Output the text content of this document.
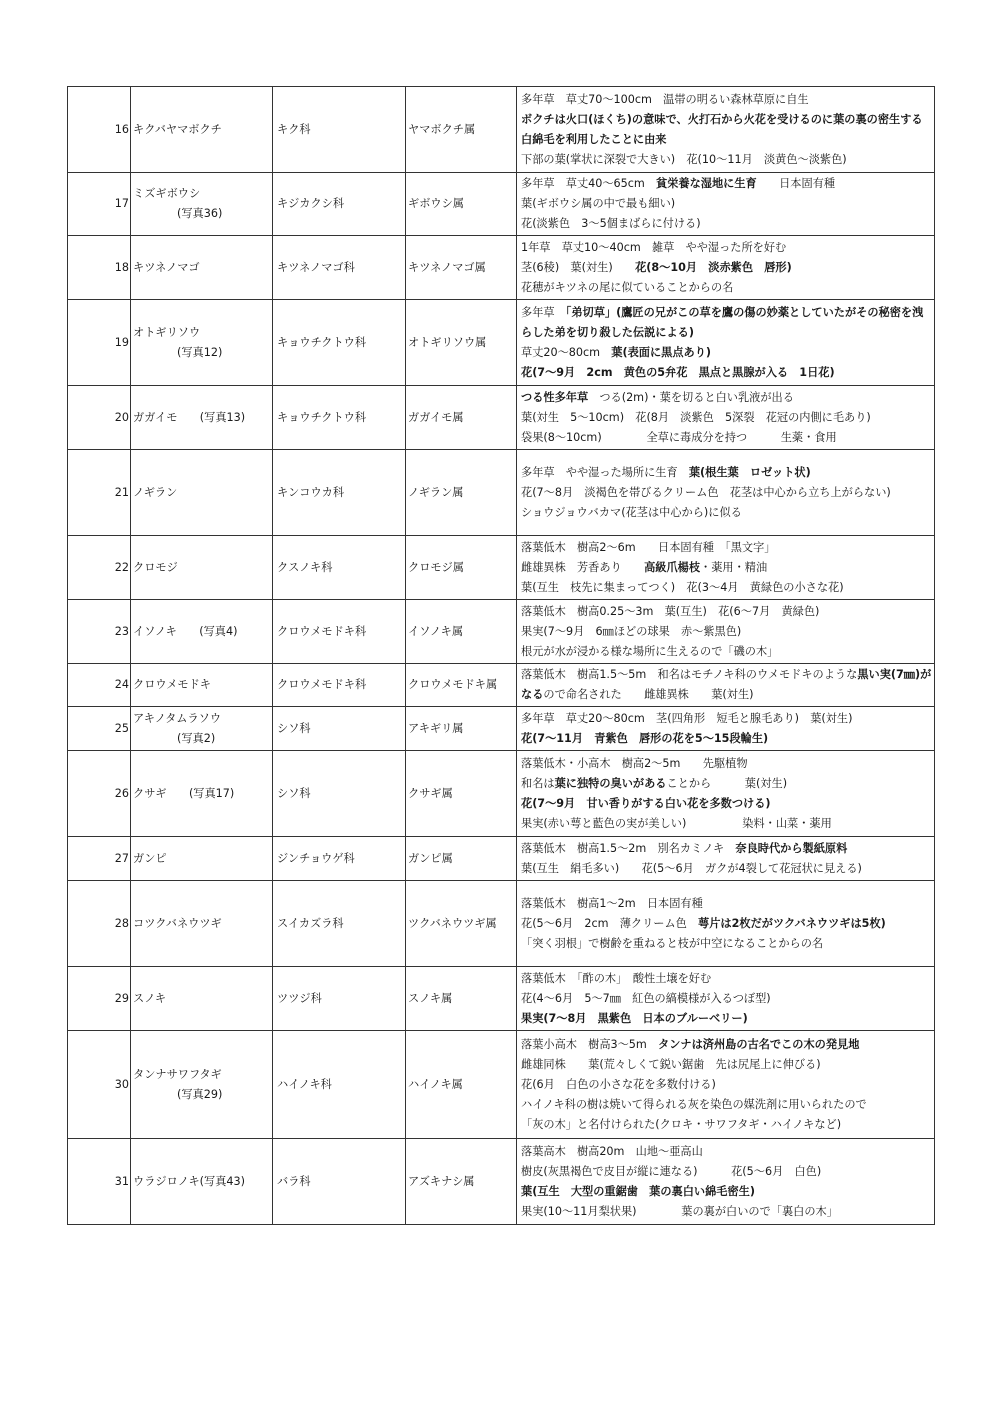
16	キクバヤマボクチ	キク科	ヤマボクチ属	多年草　草丈70～100cm　温帯の明るい森林草原に自生
ボクチは火口(ほくち)の意味で、火打石から火花を受けるのに葉の裏の密生する白綿毛を利用したことに由来
下部の葉(掌状に深裂で大きい)　花(10～11月　淡黄色～淡紫色)

17	ミズギボウシ
(写真36)	キジカクシ科	ギボウシ属	多年草　草丈40～65cm　貧栄養な湿地に生育　　日本固有種
葉(ギボウシ属の中で最も細い)
花(淡紫色　3～5個まばらに付ける)

18	キツネノマゴ	キツネノマゴ科	キツネノマゴ属	1年草　草丈10～40cm　雑草　やや湿った所を好む
茎(6稜)　葉(対生)　　花(8～10月　淡赤紫色　唇形)
花穂がキツネの尾に似ていることからの名

19	オトギリソウ
(写真12)	キョウチクトウ科	オトギリソウ属	多年草　「弟切草」(鷹匠の兄がこの草を鷹の傷の妙薬としていたがその秘密を洩らした弟を切り殺した伝説による)
草丈20～80cm　葉(表面に黒点あり)
花(7～9月　2cm　黄色の5弁花　黒点と黒腺が入る　1日花)

20	ガガイモ　　(写真13)	キョウチクトウ科	ガガイモ属	つる性多年草　つる(2m)・葉を切ると白い乳液が出る
葉(対生　5～10cm)　花(8月　淡紫色　5深裂　花冠の内側に毛あり)
袋果(8～10cm)　　　　全草に毒成分を持つ　　　生薬・食用

21	ノギラン	キンコウカ科	ノギラン属	多年草　やや湿った場所に生育　葉(根生葉　ロゼット状)
花(7～8月　淡褐色を帯びるクリーム色　花茎は中心から立ち上がらない)
ショウジョウバカマ(花茎は中心から)に似る

22	クロモジ	クスノキ科	クロモジ属	落葉低木　樹高2～6m　　日本固有種　「黒文字」
雌雄異株　芳香あり　　高級爪楊枝・薬用・精油
葉(互生　枝先に集まってつく)　花(3～4月　黄緑色の小さな花)

23	イソノキ　　(写真4)	クロウメモドキ科	イソノキ属	落葉低木　樹高0.25～3m　葉(互生)　花(6～7月　黄緑色)
果実(7～9月　6㎜ほどの球果　赤～紫黒色)
根元が水が浸かる様な場所に生えるので「磯の木」

24	クロウメモドキ	クロウメモドキ科	クロウメモドキ属	落葉低木　樹高1.5～5m　和名はモチノキ科のウメモドキのような黒い実(7㎜)がなるので命名された　　雌雄異株　　葉(対生)

25	アキノタムラソウ
(写真2)	シソ科	アキギリ属	多年草　草丈20～80cm　茎(四角形　短毛と腺毛あり)　葉(対生)
花(7～11月　青紫色　唇形の花を5～15段輪生)

26	クサギ　　(写真17)	シソ科	クサギ属	落葉低木・小高木　樹高2～5m　　先駆植物
和名は葉に独特の臭いがあることから　　　葉(対生)
花(7～9月　甘い香りがする白い花を多数つける)
果実(赤い萼と藍色の実が美しい)　　　　　染料・山菜・薬用

27	ガンピ	ジンチョウゲ科	ガンピ属	落葉低木　樹高1.5～2m　別名カミノキ　奈良時代から製紙原料
葉(互生　絹毛多い)　　花(5～6月　ガクが4裂して花冠状に見える)

28	コツクバネウツギ	スイカズラ科	ツクバネウツギ属	落葉低木　樹高1～2m　日本固有種
花(5～6月　2cm　薄クリーム色　萼片は2枚だがツクバネウツギは5枚)
「突く羽根」で樹齢を重ねると枝が中空になることからの名

29	スノキ	ツツジ科	スノキ属	落葉低木　「酢の木」　酸性土壌を好む
花(4～6月　5～7㎜　紅色の縞模様が入るつぼ型)
果実(7～8月　黒紫色　日本のブルーベリー)

30	タンナサワフタギ
(写真29)	ハイノキ科	ハイノキ属	落葉小高木　樹高3～5m　タンナは済州島の古名でこの木の発見地
雌雄同株　　葉(荒々しくて鋭い鋸歯　先は尻尾上に伸びる)
花(6月　白色の小さな花を多数付ける)
ハイノキ科の樹は焼いて得られる灰を染色の媒洗剤に用いられたので
「灰の木」と名付けられた(クロキ・サワフタギ・ハイノキなど)

31	ウラジロノキ(写真43)	バラ科	アズキナシ属	落葉高木　樹高20m　山地～亜高山
樹皮(灰黒褐色で皮目が縦に連なる)　　　花(5～6月　白色)
葉(互生　大型の重鋸歯　葉の裏白い綿毛密生)
果実(10～11月梨状果)　　　　葉の裏が白いので「裏白の木」
